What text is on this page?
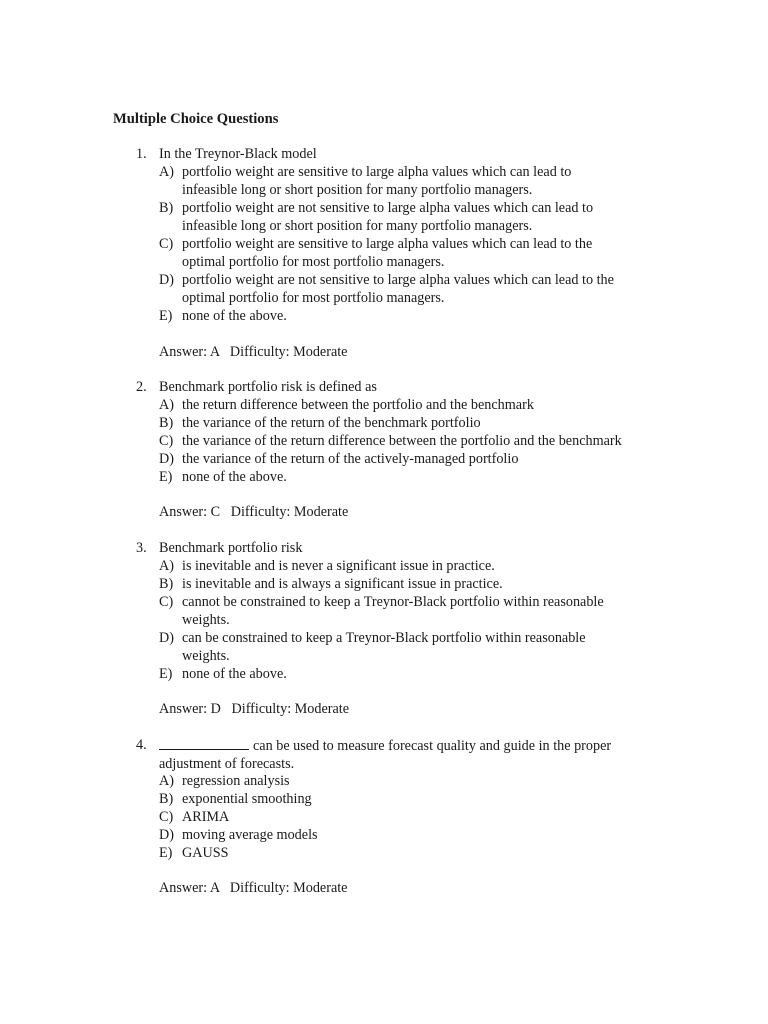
Multiple Choice Questions
1. In the Treynor-Black model
A) portfolio weight are sensitive to large alpha values which can lead to
infeasible long or short position for many portfolio managers.
B) portfolio weight are not sensitive to large alpha values which can lead to
infeasible long or short position for many portfolio managers.
C) portfolio weight are sensitive to large alpha values which can lead to the
optimal portfolio for most portfolio managers.
D) portfolio weight are not sensitive to large alpha values which can lead to the
optimal portfolio for most portfolio managers.
E) none of the above.
Answer: A   Difficulty: Moderate
2. Benchmark portfolio risk is defined as
A) the return difference between the portfolio and the benchmark
B) the variance of the return of the benchmark portfolio
C) the variance of the return difference between the portfolio and the benchmark
D) the variance of the return of the actively-managed portfolio
E) none of the above.
Answer: C   Difficulty: Moderate
3. Benchmark portfolio risk
A) is inevitable and is never a significant issue in practice.
B) is inevitable and is always a significant issue in practice.
C) cannot be constrained to keep a Treynor-Black portfolio within reasonable
weights.
D) can be constrained to keep a Treynor-Black portfolio within reasonable
weights.
E) none of the above.
Answer: D   Difficulty: Moderate
4.	can be used to measure forecast quality and guide in the proper
adjustment of forecasts.
A) regression analysis
B) exponential smoothing
C) ARIMA
D) moving average models
E) GAUSS
Answer: A   Difficulty: Moderate
